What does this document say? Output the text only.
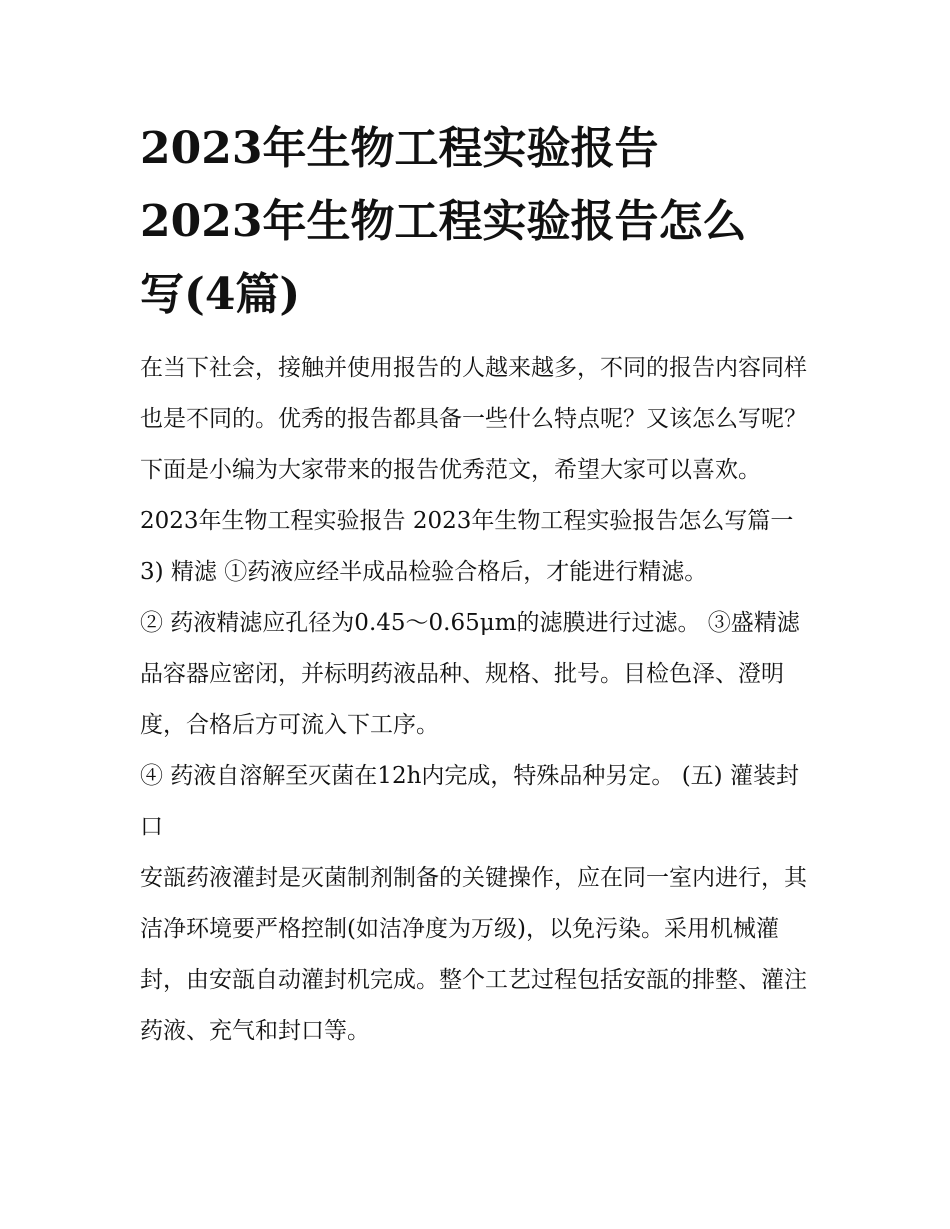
2023年生物工程实验报告
2023年生物工程实验报告怎么
写(4篇)

在当下社会，接触并使用报告的人越来越多，不同的报告内容同样也是不同的。优秀的报告都具备一些什么特点呢？又该怎么写呢？下面是小编为大家带来的报告优秀范文，希望大家可以喜欢。

2023年生物工程实验报告 2023年生物工程实验报告怎么写篇一 3) 精滤 ①药液应经半成品检验合格后，才能进行精滤。

② 药液精滤应孔径为0.45～0.65μm的滤膜进行过滤。 ③盛精滤品容器应密闭，并标明药液品种、规格、批号。目检色泽、澄明度，合格后方可流入下工序。

④ 药液自溶解至灭菌在12h内完成，特殊品种另定。 (五) 灌装封口

安瓿药液灌封是灭菌制剂制备的关键操作，应在同一室内进行，其洁净环境要严格控制(如洁净度为万级)，以免污染。采用机械灌封，由安瓿自动灌封机完成。整个工艺过程包括安瓿的排整、灌注药液、充气和封口等。
